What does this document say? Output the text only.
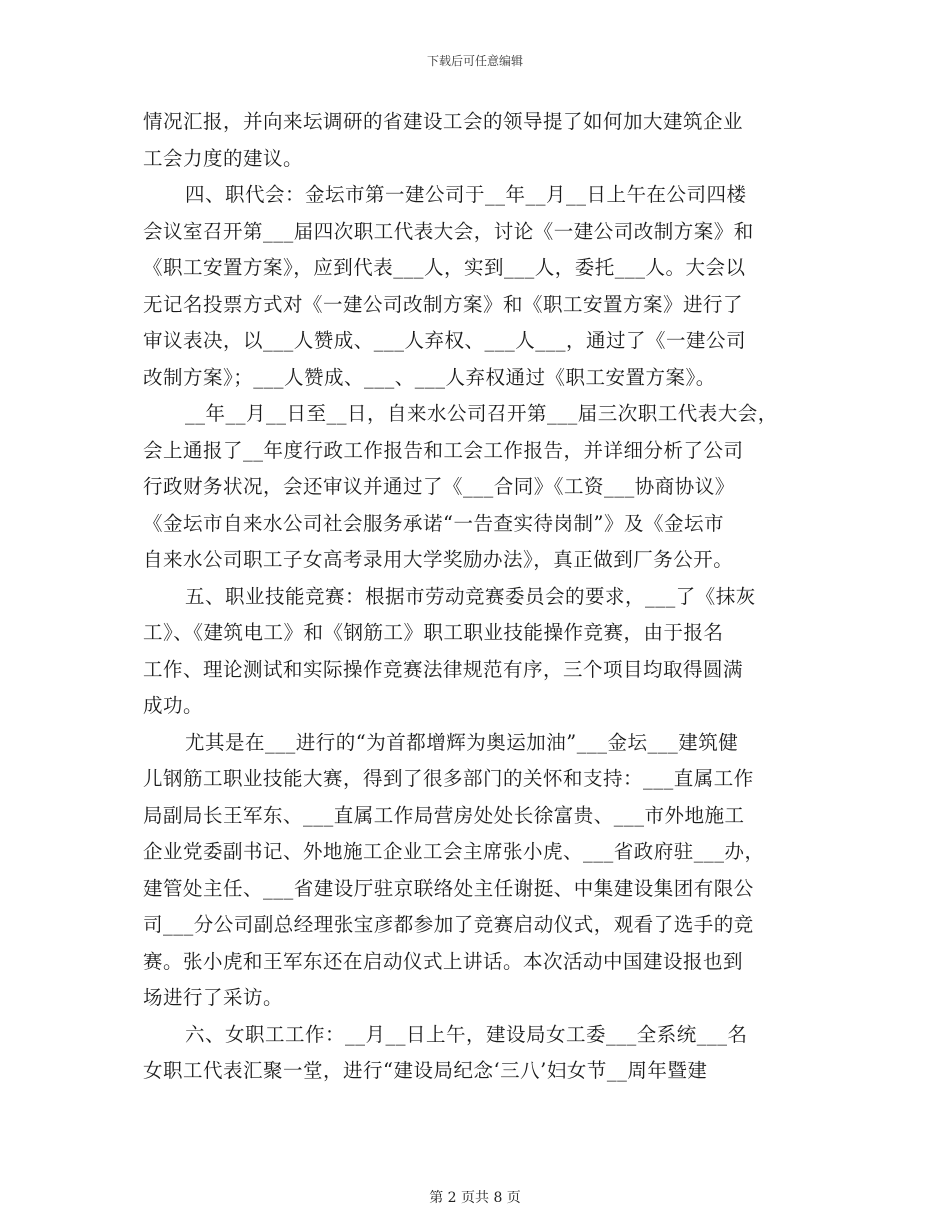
下载后可任意编辑

情况汇报，并向来坛调研的省建设工会的领导提了如何加大建筑企业
工会力度的建议。

四、职代会：金坛市第一建公司于__年__月__日上午在公司四楼
会议室召开第___届四次职工代表大会，讨论《一建公司改制方案》和
《职工安置方案》，应到代表___人，实到___人，委托___人。大会以
无记名投票方式对《一建公司改制方案》和《职工安置方案》进行了
审议表决，以___人赞成、___人弃权、___人___，通过了《一建公司
改制方案》；___人赞成、___、___人弃权通过《职工安置方案》。

__年__月__日至__日，自来水公司召开第___届三次职工代表大会，
会上通报了__年度行政工作报告和工会工作报告，并详细分析了公司
行政财务状况，会还审议并通过了《___合同》《工资___协商协议》
《金坛市自来水公司社会服务承诺“一告查实待岗制”》及《金坛市
自来水公司职工子女高考录用大学奖励办法》，真正做到厂务公开。

五、职业技能竞赛：根据市劳动竞赛委员会的要求，___了《抹灰
工》、《建筑电工》和《钢筋工》职工职业技能操作竞赛，由于报名
工作、理论测试和实际操作竞赛法律规范有序，三个项目均取得圆满
成功。

尤其是在___进行的“为首都增辉为奥运加油”___金坛___建筑健
儿钢筋工职业技能大赛，得到了很多部门的关怀和支持：___直属工作
局副局长王军东、___直属工作局营房处处长徐富贵、___市外地施工
企业党委副书记、外地施工企业工会主席张小虎、___省政府驻___办，
建管处主任、___省建设厅驻京联络处主任谢挺、中集建设集团有限公
司___分公司副总经理张宝彦都参加了竞赛启动仪式，观看了选手的竞
赛。张小虎和王军东还在启动仪式上讲话。本次活动中国建设报也到
场进行了采访。

六、女职工工作：__月__日上午，建设局女工委___全系统___名
女职工代表汇聚一堂，进行“建设局纪念‘三八’妇女节__周年暨建

第 2 页共 8 页
